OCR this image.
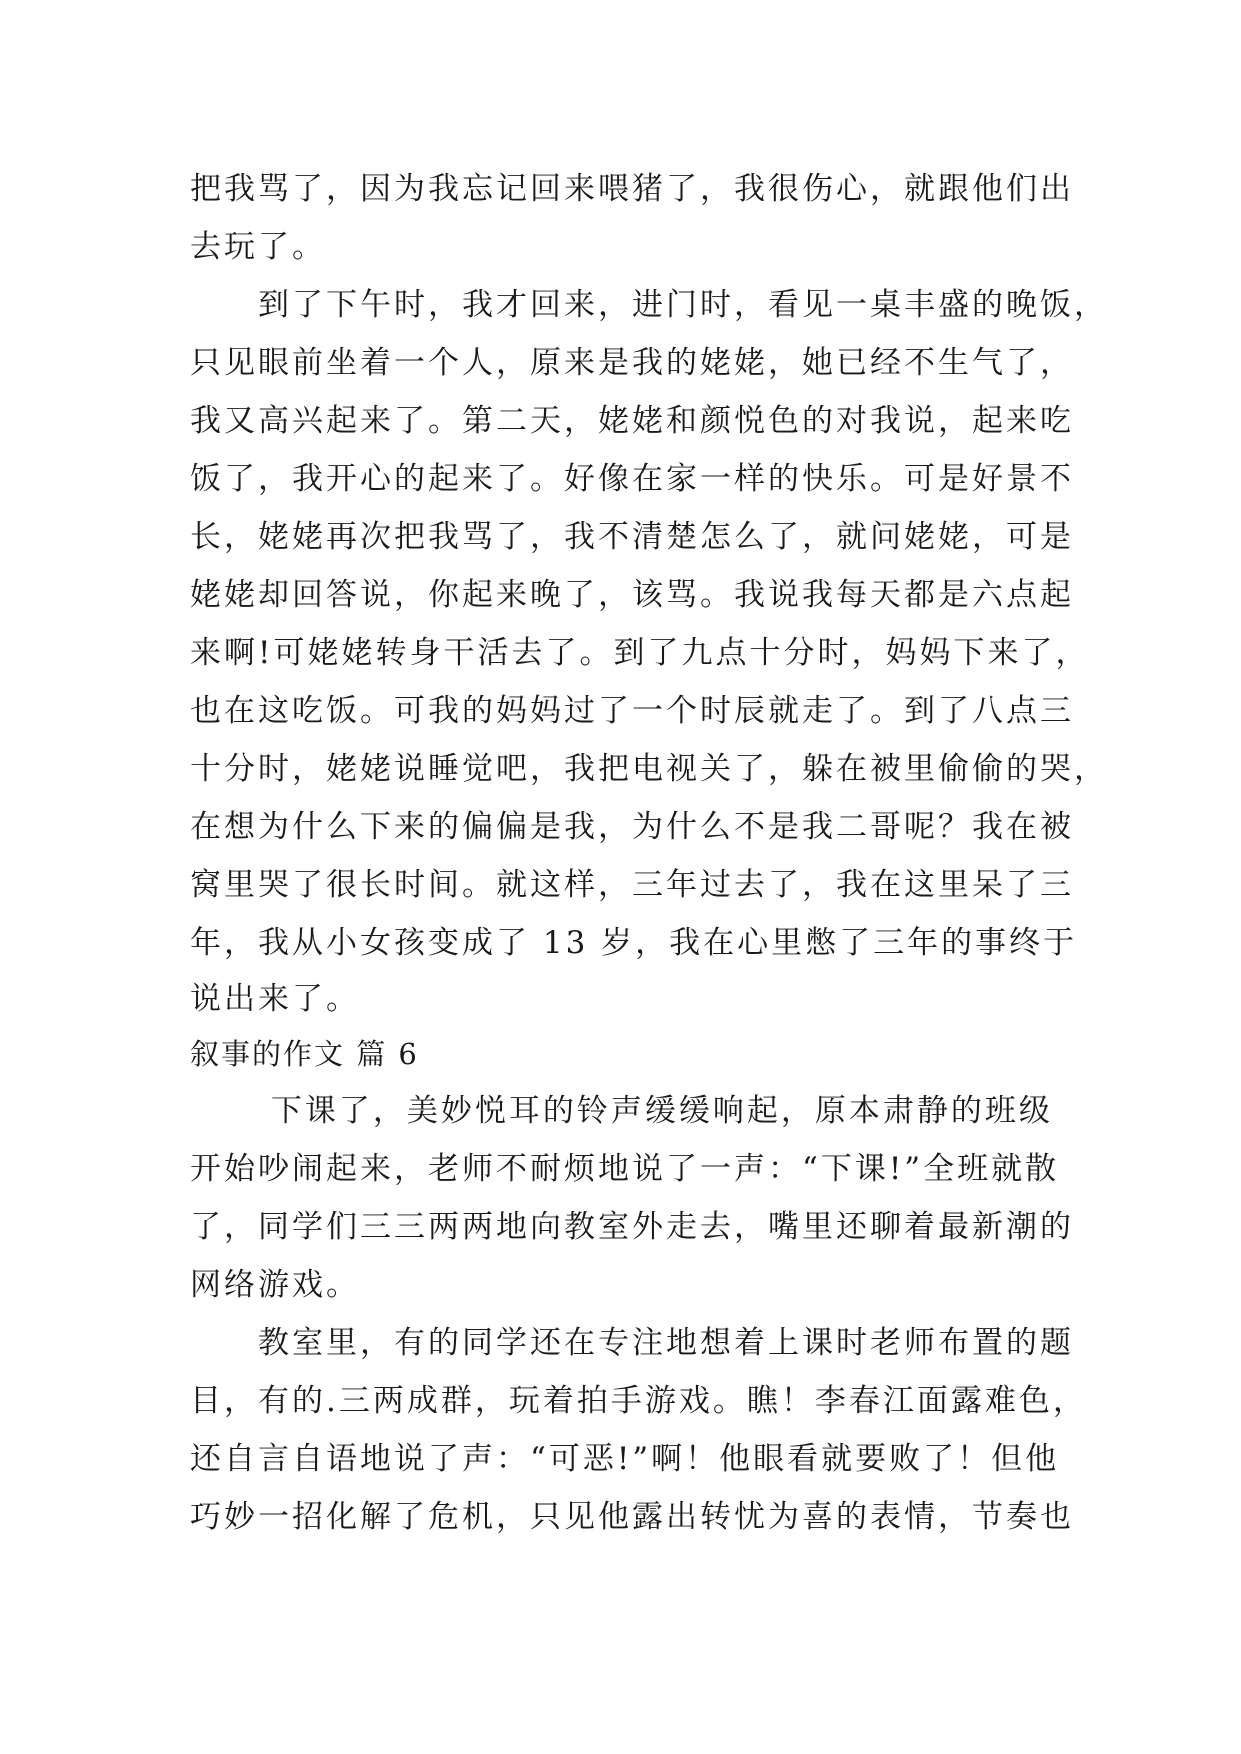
把我骂了，因为我忘记回来喂猪了，我很伤心，就跟他们出
去玩了。
　　到了下午时，我才回来，进门时，看见一桌丰盛的晚饭，
只见眼前坐着一个人，原来是我的姥姥，她已经不生气了，
我又高兴起来了。第二天，姥姥和颜悦色的对我说，起来吃
饭了，我开心的起来了。好像在家一样的快乐。可是好景不
长，姥姥再次把我骂了，我不清楚怎么了，就问姥姥，可是
姥姥却回答说，你起来晚了，该骂。我说我每天都是六点起
来啊!可姥姥转身干活去了。到了九点十分时，妈妈下来了，
也在这吃饭。可我的妈妈过了一个时辰就走了。到了八点三
十分时，姥姥说睡觉吧，我把电视关了，躲在被里偷偷的哭，
在想为什么下来的偏偏是我，为什么不是我二哥呢？我在被
窝里哭了很长时间。就这样，三年过去了，我在这里呆了三
年，我从小女孩变成了 13 岁，我在心里憋了三年的事终于
说出来了。
叙事的作文 篇 6
　　 下课了，美妙悦耳的铃声缓缓响起，原本肃静的班级
开始吵闹起来，老师不耐烦地说了一声：“下课!”全班就散
了，同学们三三两两地向教室外走去，嘴里还聊着最新潮的
网络游戏。
　　教室里，有的同学还在专注地想着上课时老师布置的题
目，有的.三两成群，玩着拍手游戏。瞧！李春江面露难色，
还自言自语地说了声：“可恶!”啊！他眼看就要败了！但他
巧妙一招化解了危机，只见他露出转忧为喜的表情，节奏也
